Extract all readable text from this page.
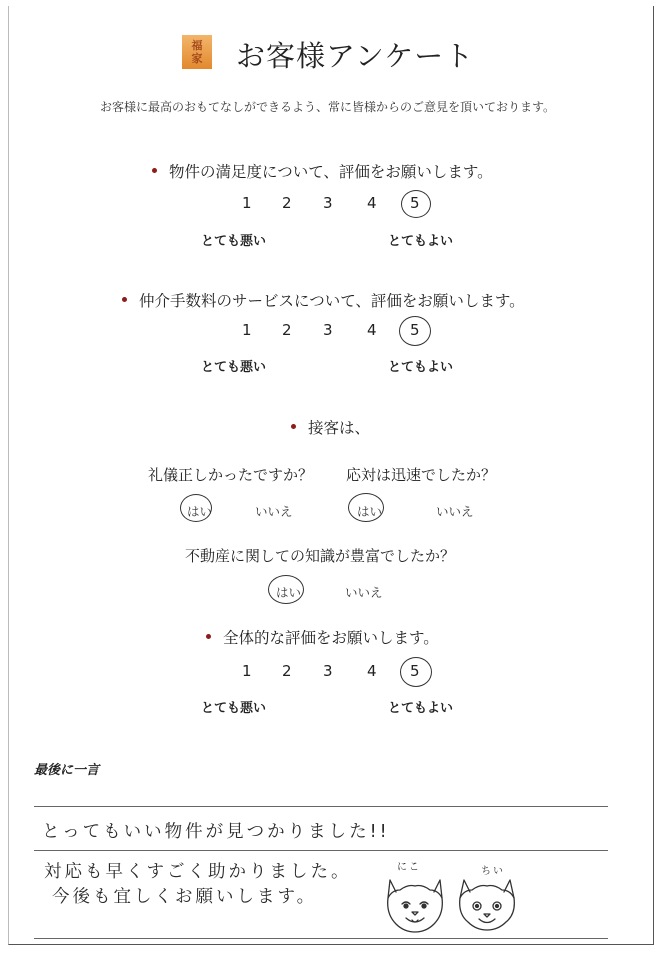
福
家 お客様アンケート
お客様に最高のおもてなしができるよう、常に皆様からのご意見を頂いております。
物件の満足度について、評価をお願いします。
1 2 3 4 5
とても悪い	とてもよい
仲介手数料のサービスについて、評価をお願いします。
1 2 3 4 5
とても悪い	とてもよい
接客は、
礼儀正しかったですか？ 応対は迅速でしたか？
はい	いいえ	はい	いいえ
不動産に関しての知識が豊富でしたか？
はい	いいえ
全体的な評価をお願いします。
1 2 3 4 5
とても悪い	とてもよい
最後に一言
とってもいい物件が見つかりました!!
対応も早くすごく助かりました。
今後も宜しくお願いします。
にこ	ちい
